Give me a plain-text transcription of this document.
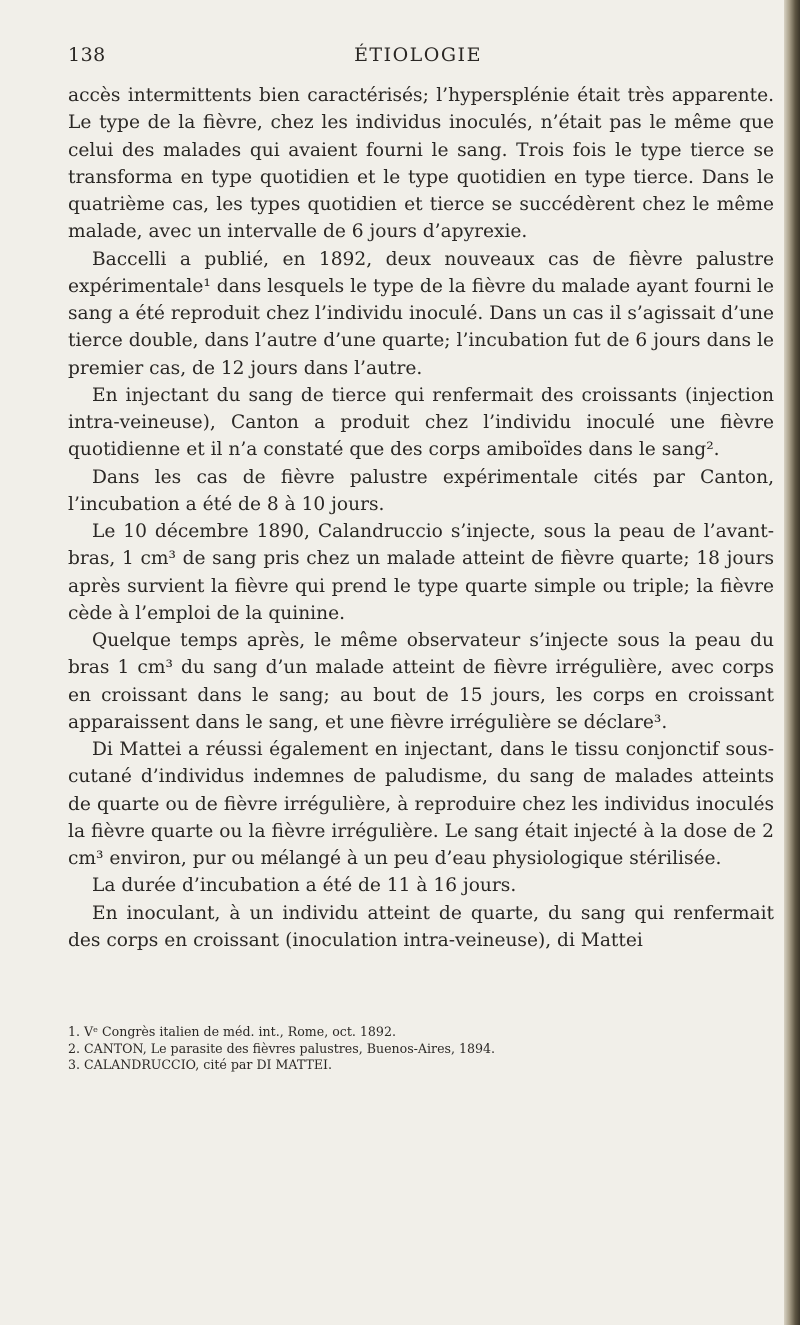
138	ÉTIOLOGIE

accès intermittents bien caractérisés; l’hypersplénie était très apparente. Le type de la fièvre, chez les individus inoculés, n’était pas le même que celui des malades qui avaient fourni le sang. Trois fois le type tierce se transforma en type quotidien et le type quotidien en type tierce. Dans le quatrième cas, les types quotidien et tierce se succédèrent chez le même malade, avec un intervalle de 6 jours d’apyrexie.

Baccelli a publié, en 1892, deux nouveaux cas de fièvre palustre expérimentale¹ dans lesquels le type de la fièvre du malade ayant fourni le sang a été reproduit chez l’individu inoculé. Dans un cas il s’agissait d’une tierce double, dans l’autre d’une quarte; l’incubation fut de 6 jours dans le premier cas, de 12 jours dans l’autre.

En injectant du sang de tierce qui renfermait des croissants (injection intra-veineuse), Canton a produit chez l’individu inoculé une fièvre quotidienne et il n’a constaté que des corps amiboïdes dans le sang².

Dans les cas de fièvre palustre expérimentale cités par Canton, l’incubation a été de 8 à 10 jours.

Le 10 décembre 1890, Calandruccio s’injecte, sous la peau de l’avant-bras, 1 cm³ de sang pris chez un malade atteint de fièvre quarte; 18 jours après survient la fièvre qui prend le type quarte simple ou triple; la fièvre cède à l’emploi de la quinine.

Quelque temps après, le même observateur s’injecte sous la peau du bras 1 cm³ du sang d’un malade atteint de fièvre irrégulière, avec corps en croissant dans le sang; au bout de 15 jours, les corps en croissant apparaissent dans le sang, et une fièvre irrégulière se déclare³.

Di Mattei a réussi également en injectant, dans le tissu conjonctif sous-cutané d’individus indemnes de paludisme, du sang de malades atteints de quarte ou de fièvre irrégulière, à reproduire chez les individus inoculés la fièvre quarte ou la fièvre irrégulière. Le sang était injecté à la dose de 2 cm³ environ, pur ou mélangé à un peu d’eau physiologique stérilisée.

La durée d’incubation a été de 11 à 16 jours.

En inoculant, à un individu atteint de quarte, du sang qui renfermait des corps en croissant (inoculation intra-veineuse), di Mattei

1. Vᵉ Congrès italien de méd. int., Rome, oct. 1892.

2. CANTON, Le parasite des fièvres palustres, Buenos-Aires, 1894.

3. CALANDRUCCIO, cité par DI MATTEI.
